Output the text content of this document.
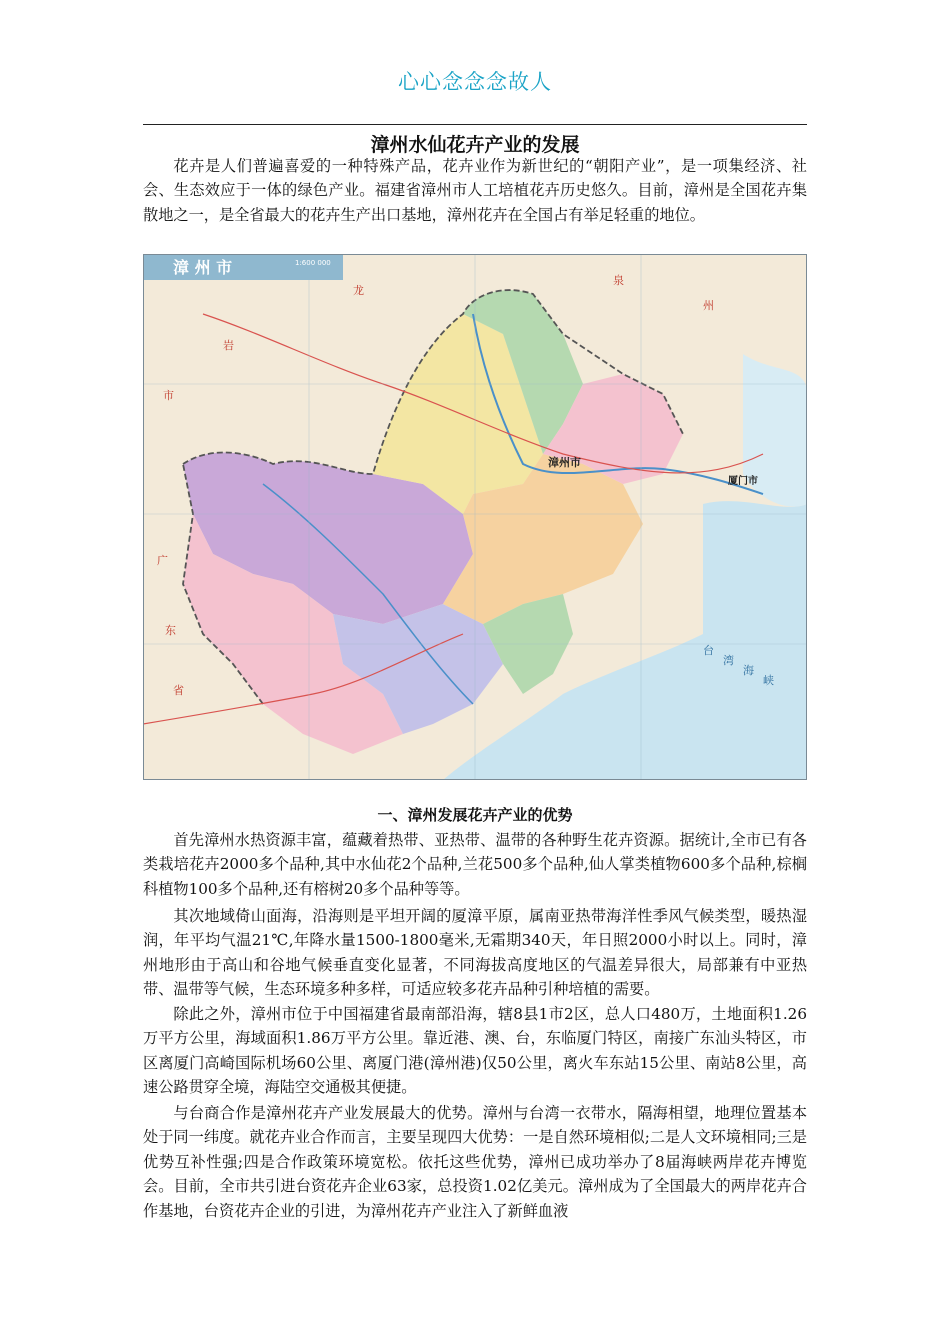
心心念念念故人
漳州水仙花卉产业的发展

花卉是人们普遍喜爱的一种特殊产品，花卉业作为新世纪的“朝阳产业”，是一项集经济、社会、生态效应于一体的绿色产业。福建省漳州市人工培植花卉历史悠久。目前，漳州是全国花卉集散地之一，是全省最大的花卉生产出口基地，漳州花卉在全国占有举足轻重的地位。

漳 州 市	1:600 000
漳州市
厦门市
龙
岩
市
泉
州
广
东
省
台
湾
海
峡
一、漳州发展花卉产业的优势

首先漳州水热资源丰富，蕴藏着热带、亚热带、温带的各种野生花卉资源。据统计,全市已有各类栽培花卉2000多个品种,其中水仙花2个品种,兰花500多个品种,仙人掌类植物600多个品种,棕榈科植物100多个品种,还有榕树20多个品种等等。

其次地域倚山面海，沿海则是平坦开阔的厦漳平原，属南亚热带海洋性季风气候类型，暖热湿润，年平均气温21℃,年降水量1500-1800毫米,无霜期340天，年日照2000小时以上。同时，漳州地形由于高山和谷地气候垂直变化显著，不同海拔高度地区的气温差异很大，局部兼有中亚热带、温带等气候，生态环境多种多样，可适应较多花卉品种引种培植的需要。

除此之外，漳州市位于中国福建省最南部沿海，辖8县1市2区，总人口480万，土地面积1.26万平方公里，海域面积1.86万平方公里。靠近港、澳、台，东临厦门特区，南接广东汕头特区，市区离厦门高崎国际机场60公里、离厦门港(漳州港)仅50公里，离火车东站15公里、南站8公里，高速公路贯穿全境，海陆空交通极其便捷。

与台商合作是漳州花卉产业发展最大的优势。漳州与台湾一衣带水，隔海相望，地理位置基本处于同一纬度。就花卉业合作而言，主要呈现四大优势：一是自然环境相似;二是人文环境相同;三是优势互补性强;四是合作政策环境宽松。依托这些优势，漳州已成功举办了8届海峡两岸花卉博览会。目前，全市共引进台资花卉企业63家，总投资1.02亿美元。漳州成为了全国最大的两岸花卉合作基地，台资花卉企业的引进，为漳州花卉产业注入了新鲜血液
